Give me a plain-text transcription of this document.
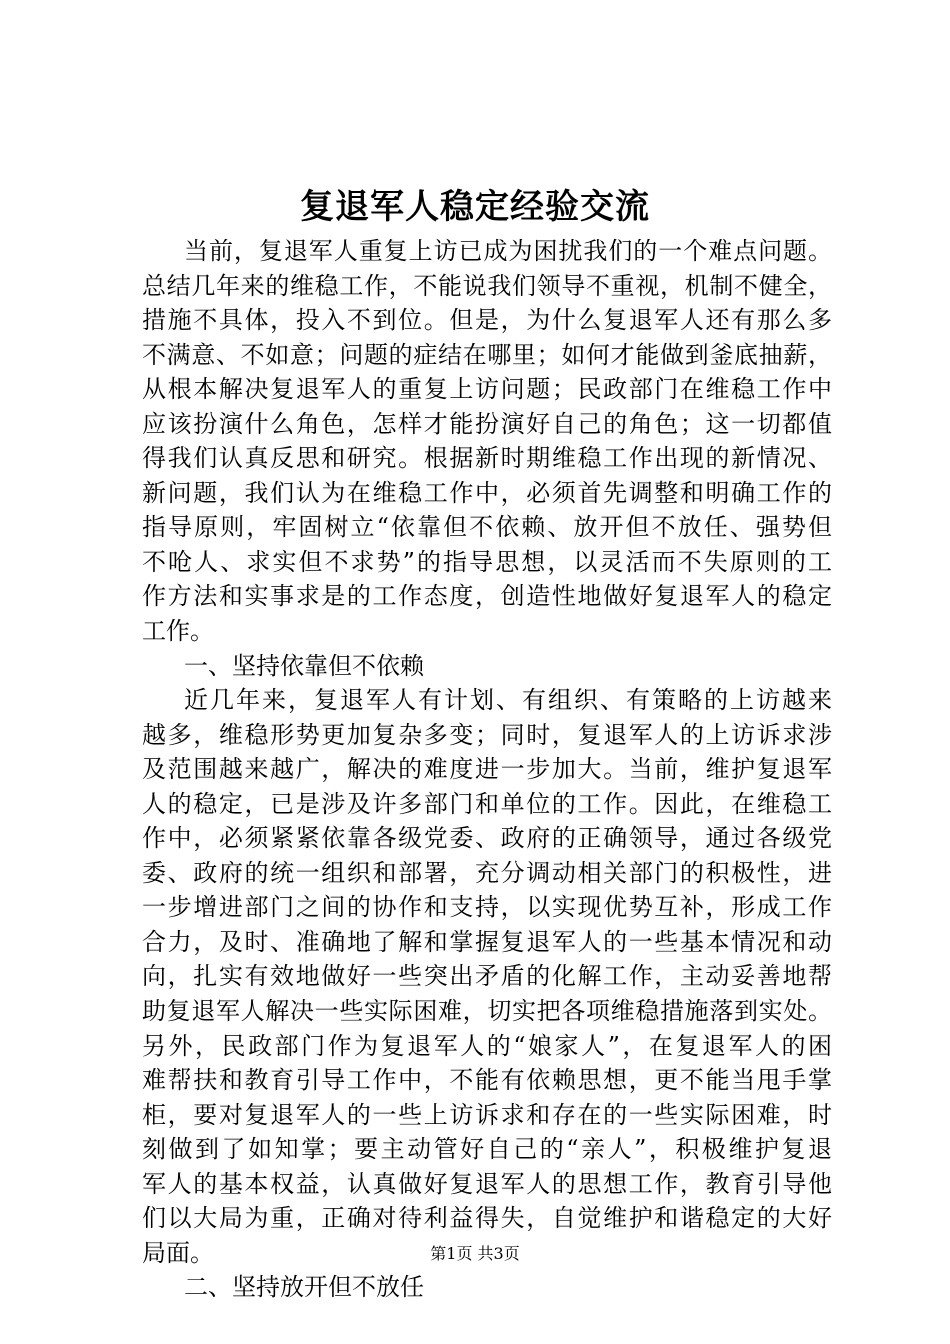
复退军人稳定经验交流
当前，复退军人重复上访已成为困扰我们的一个难点问题。
总结几年来的维稳工作，不能说我们领导不重视，机制不健全，
措施不具体，投入不到位。但是，为什么复退军人还有那么多
不满意、不如意；问题的症结在哪里；如何才能做到釜底抽薪，
从根本解决复退军人的重复上访问题；民政部门在维稳工作中
应该扮演什么角色，怎样才能扮演好自己的角色；这一切都值
得我们认真反思和研究。根据新时期维稳工作出现的新情况、
新问题，我们认为在维稳工作中，必须首先调整和明确工作的
指导原则，牢固树立“依靠但不依赖、放开但不放任、强势但
不呛人、求实但不求势”的指导思想，以灵活而不失原则的工
作方法和实事求是的工作态度，创造性地做好复退军人的稳定
工作。
一、坚持依靠但不依赖
近几年来，复退军人有计划、有组织、有策略的上访越来
越多，维稳形势更加复杂多变；同时，复退军人的上访诉求涉
及范围越来越广，解决的难度进一步加大。当前，维护复退军
人的稳定，已是涉及许多部门和单位的工作。因此，在维稳工
作中，必须紧紧依靠各级党委、政府的正确领导，通过各级党
委、政府的统一组织和部署，充分调动相关部门的积极性，进
一步增进部门之间的协作和支持，以实现优势互补，形成工作
合力，及时、准确地了解和掌握复退军人的一些基本情况和动
向，扎实有效地做好一些突出矛盾的化解工作，主动妥善地帮
助复退军人解决一些实际困难，切实把各项维稳措施落到实处。
另外，民政部门作为复退军人的“娘家人”，在复退军人的困
难帮扶和教育引导工作中，不能有依赖思想，更不能当甩手掌
柜，要对复退军人的一些上访诉求和存在的一些实际困难，时
刻做到了如知掌；要主动管好自己的“亲人”，积极维护复退
军人的基本权益，认真做好复退军人的思想工作，教育引导他
们以大局为重，正确对待利益得失，自觉维护和谐稳定的大好
局面。
二、坚持放开但不放任
第1页 共3页
